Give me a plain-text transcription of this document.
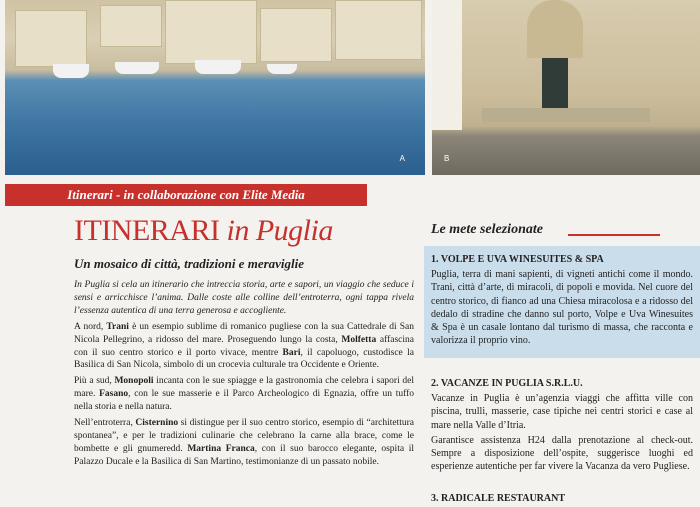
A	B
Itinerari - in collaborazione con Elite Media
ITINERARI in Puglia
Un mosaico di città, tradizioni e meraviglie

In Puglia si cela un itinerario che intreccia storia, arte e sapori, un viaggio che seduce i sensi e arricchisce l’anima. Dalle coste alle colline dell’entroterra, ogni tappa rivela l’essenza autentica di una terra generosa e accogliente.

A nord, Trani è un esempio sublime di romanico pugliese con la sua Cattedrale di San Nicola Pellegrino, a ridosso del mare. Proseguendo lungo la costa, Molfetta affascina con il suo centro storico e il porto vivace, mentre Bari, il capoluogo, custodisce la Basilica di San Nicola, simbolo di un crocevia culturale tra Occidente e Oriente.

Più a sud, Monopoli incanta con le sue spiagge e la gastronomia che celebra i sapori del mare. Fasano, con le sue masserie e il Parco Archeologico di Egnazia, offre un tuffo nella storia e nella natura.

Nell’entroterra, Cisternino si distingue per il suo centro storico, esempio di “architettura spontanea”, e per le tradizioni culinarie che celebrano la carne alla brace, come le bombette e gli gnumeredd. Martina Franca, con il suo barocco elegante, ospita il Palazzo Ducale e la Basilica di San Martino, testimonianze di un passato nobile.

Le mete selezionate
1. VOLPE E UVA WINESUITES & SPA

Puglia, terra di mani sapienti, di vigneti antichi come il mondo. Trani, città d’arte, di miracoli, di popoli e movida. Nel cuore del centro storico, di fianco ad una Chiesa miracolosa e a ridosso del dedalo di stradine che danno sul porto, Volpe e Uva Winesuites & Spa è un casale lontano dal turismo di massa, che racconta e valorizza il proprio vino.

2. VACANZE IN PUGLIA S.R.L.U.

Vacanze in Puglia è un’agenzia viaggi che affitta ville con piscina, trulli, masserie, case tipiche nei centri storici e case al mare nella Valle d’Itria.

Garantisce assistenza H24 dalla prenotazione al check-out. Sempre a disposizione dell’ospite, suggerisce luoghi ed esperienze autentiche per far vivere la Vacanza da vero Pugliese.

3. RADICALE RESTAURANT
